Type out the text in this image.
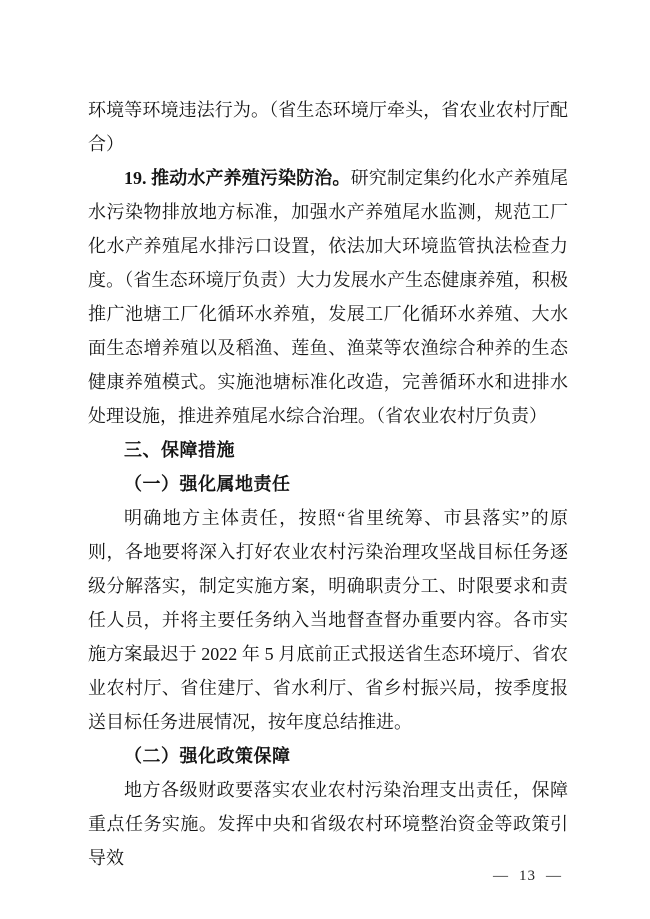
环境等环境违法行为。（省生态环境厅牵头，省农业农村厅配合）

19. 推动水产养殖污染防治。研究制定集约化水产养殖尾水污染物排放地方标准，加强水产养殖尾水监测，规范工厂化水产养殖尾水排污口设置，依法加大环境监管执法检查力度。（省生态环境厅负责）大力发展水产生态健康养殖，积极推广池塘工厂化循环水养殖，发展工厂化循环水养殖、大水面生态增养殖以及稻渔、莲鱼、渔菜等农渔综合种养的生态健康养殖模式。实施池塘标准化改造，完善循环水和进排水处理设施，推进养殖尾水综合治理。（省农业农村厅负责）

三、保障措施

（一）强化属地责任

明确地方主体责任，按照“省里统筹、市县落实”的原则，各地要将深入打好农业农村污染治理攻坚战目标任务逐级分解落实，制定实施方案，明确职责分工、时限要求和责任人员，并将主要任务纳入当地督查督办重要内容。各市实施方案最迟于 2022 年 5 月底前正式报送省生态环境厅、省农业农村厅、省住建厅、省水利厅、省乡村振兴局，按季度报送目标任务进展情况，按年度总结推进。

（二）强化政策保障

地方各级财政要落实农业农村污染治理支出责任，保障重点任务实施。发挥中央和省级农村环境整治资金等政策引导效

— 13 —
